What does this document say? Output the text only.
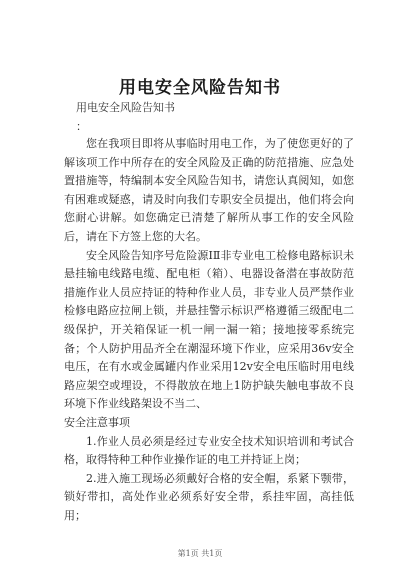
用电安全风险告知书
用电安全风险告知书
：

您在我项目即将从事临时用电工作，为了使您更好的了解该项工作中所存在的安全风险及正确的防范措施、应急处置措施等，特编制本安全风险告知书，请您认真阅知，如您有困难或疑惑，请及时向我们专职安全员提出，他们将会向您耐心讲解。如您确定已清楚了解所从事工作的安全风险后，请在下方签上您的大名。

安全风险告知序号危险源ⅠⅡ非专业电工检修电路标识未悬挂输电线路电缆、配电柜（箱）、电器设备潜在事故防范措施作业人员应持证的特种作业人员，非专业人员严禁作业检修电路应拉闸上锁，并悬挂警示标识严格遵循三级配电二级保护，开关箱保证一机一闸一漏一箱；接地接零系统完备；个人防护用品齐全在潮湿环境下作业，应采用36v安全电压，在有水或金属罐内作业采用12v安全电压临时用电线路应架空或埋设，不得散放在地上1防护缺失触电事故不良环境下作业线路架设不当二、

安全注意事项

1.作业人员必须是经过专业安全技术知识培训和考试合格，取得特种工种作业操作证的电工并持证上岗；

2.进入施工现场必须戴好合格的安全帽，系紧下颚带，锁好带扣，高处作业必须系好安全带，系挂牢固，高挂低用；

第1页 共1页
